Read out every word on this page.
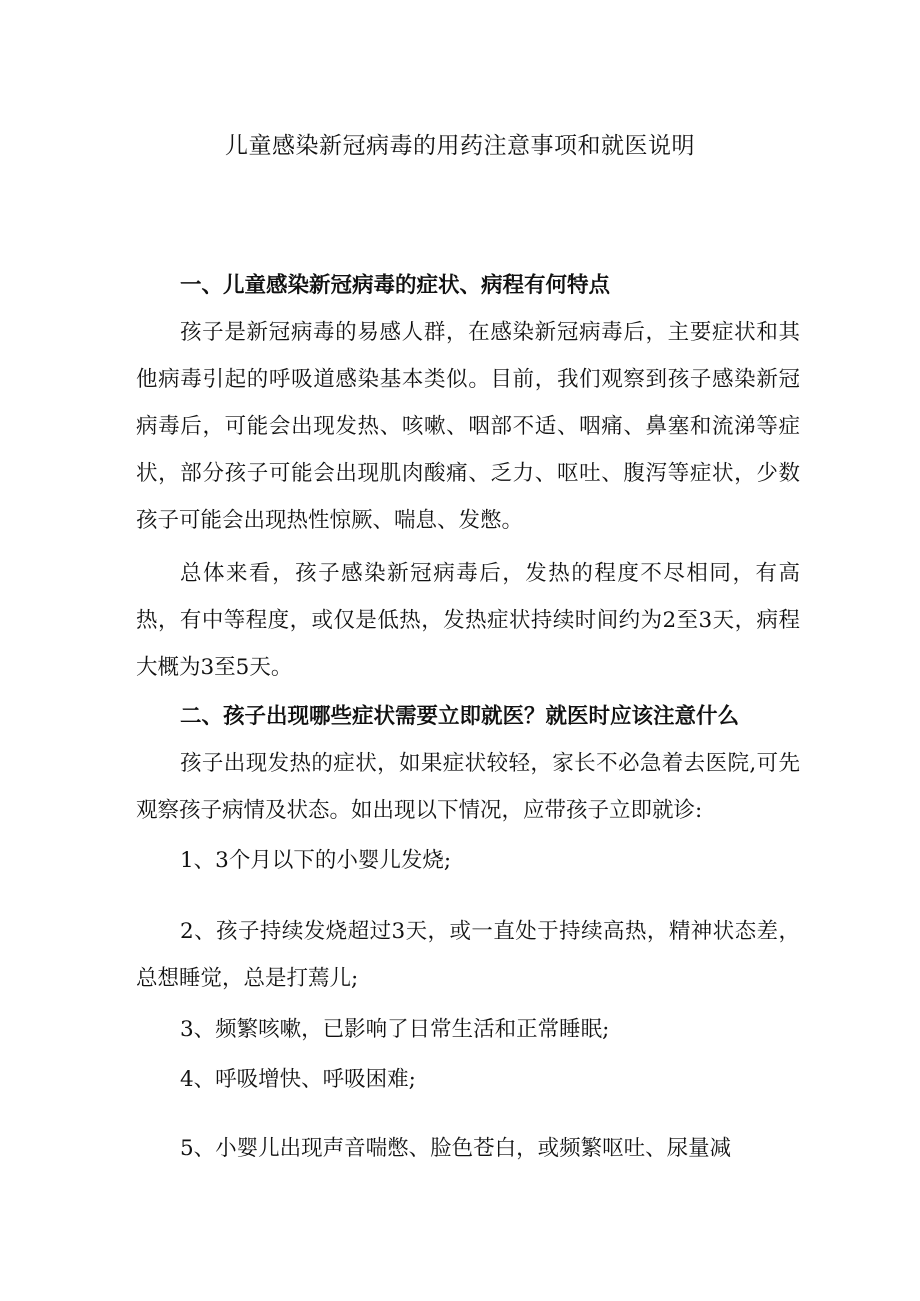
儿童感染新冠病毒的用药注意事项和就医说明
一、儿童感染新冠病毒的症状、病程有何特点

孩子是新冠病毒的易感人群，在感染新冠病毒后，主要症状和其他病毒引起的呼吸道感染基本类似。目前，我们观察到孩子感染新冠病毒后，可能会出现发热、咳嗽、咽部不适、咽痛、鼻塞和流涕等症状，部分孩子可能会出现肌肉酸痛、乏力、呕吐、腹泻等症状，少数孩子可能会出现热性惊厥、喘息、发憋。

总体来看，孩子感染新冠病毒后，发热的程度不尽相同，有高热，有中等程度，或仅是低热，发热症状持续时间约为2至3天，病程大概为3至5天。

二、孩子出现哪些症状需要立即就医？就医时应该注意什么

孩子出现发热的症状，如果症状较轻，家长不必急着去医院,可先观察孩子病情及状态。如出现以下情况，应带孩子立即就诊:

1、3个月以下的小婴儿发烧;

2、孩子持续发烧超过3天，或一直处于持续高热，精神状态差，总想睡觉，总是打蔫儿;

3、频繁咳嗽，已影响了日常生活和正常睡眠;

4、呼吸增快、呼吸困难;

5、小婴儿出现声音喘憋、脸色苍白，或频繁呕吐、尿量减
